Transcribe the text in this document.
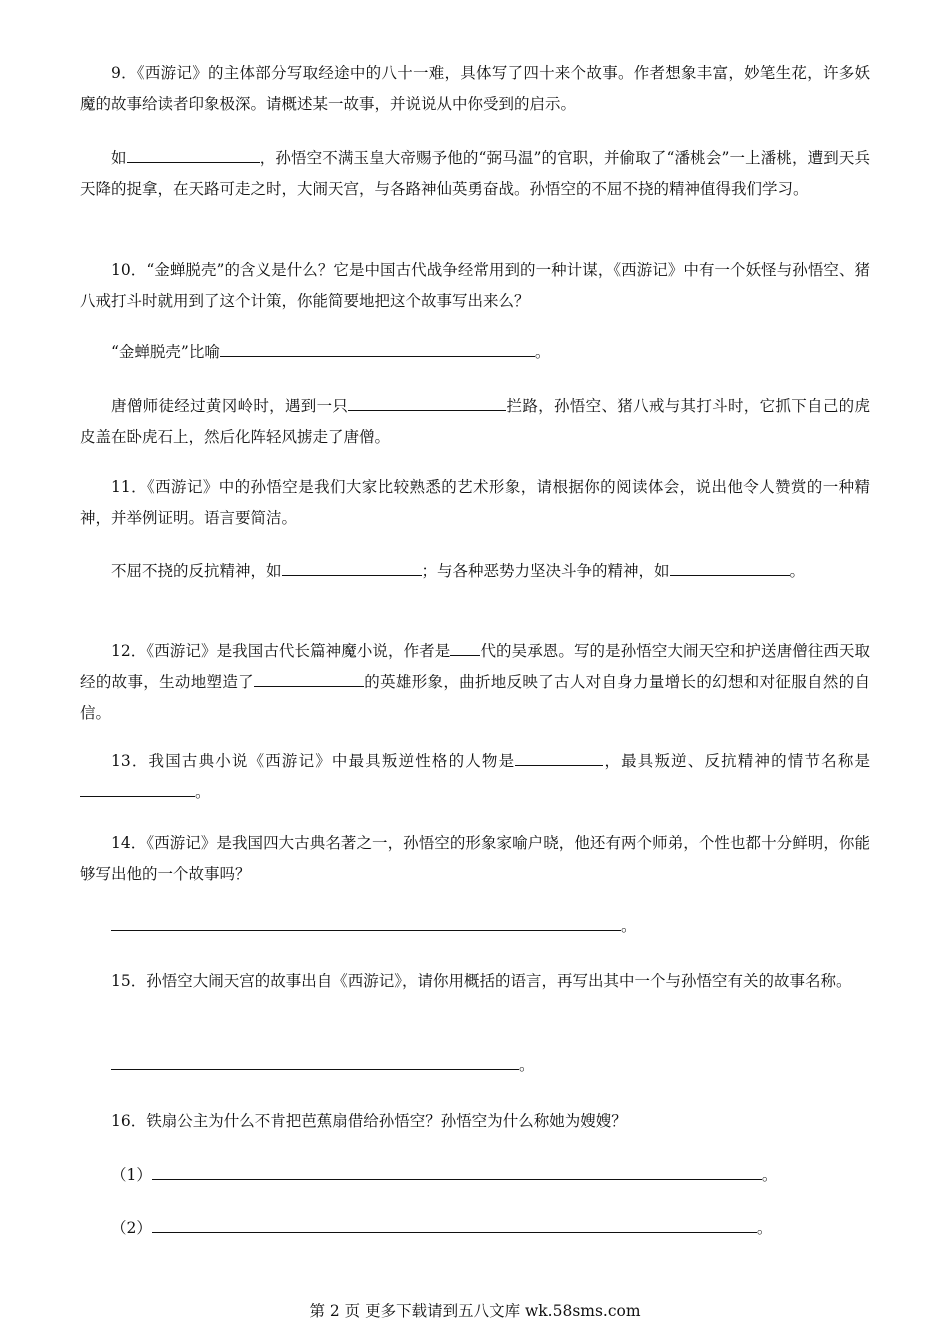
9．《西游记》的主体部分写取经途中的八十一难，具体写了四十来个故事。作者想象丰富，妙笔生花，许多妖魔的故事给读者印象极深。请概述某一故事，并说说从中你受到的启示。

如	，孙悟空不满玉皇大帝赐予他的“弼马温”的官职，并偷取了“潘桃会”一上潘桃，遭到天兵天降的捉拿，在天路可走之时，大闹天宫，与各路神仙英勇奋战。孙悟空的不屈不挠的精神值得我们学习。

10．“金蝉脱壳”的含义是什么？它是中国古代战争经常用到的一种计谋，《西游记》中有一个妖怪与孙悟空、猪八戒打斗时就用到了这个计策，你能简要地把这个故事写出来么？

“金蝉脱壳”比喻	。

唐僧师徒经过黄冈岭时，遇到一只	拦路，孙悟空、猪八戒与其打斗时，它抓下自己的虎皮盖在卧虎石上，然后化阵轻风掳走了唐僧。

11．《西游记》中的孙悟空是我们大家比较熟悉的艺术形象，请根据你的阅读体会，说出他令人赞赏的一种精神，并举例证明。语言要简洁。

不屈不挠的反抗精神，如	；与各种恶势力坚决斗争的精神，如	。

12．《西游记》是我国古代长篇神魔小说，作者是 代的吴承恩。写的是孙悟空大闹天空和护送唐僧往西天取经的故事，生动地塑造了	的英雄形象，曲折地反映了古人对自身力量增长的幻想和对征服自然的自信。

13．我国古典小说《西游记》中最具叛逆性格的人物是	，最具叛逆、反抗精神的情节名称是。

14．《西游记》是我国四大古典名著之一，孙悟空的形象家喻户晓，他还有两个师弟，个性也都十分鲜明，你能够写出他的一个故事吗？

。

15．孙悟空大闹天宫的故事出自《西游记》，请你用概括的语言，再写出其中一个与孙悟空有关的故事名称。

。

16．铁扇公主为什么不肯把芭蕉扇借给孙悟空？孙悟空为什么称她为嫂嫂？

（1）	。

（2）	。

第 2 页 更多下载请到五八文库 wk.58sms.com
